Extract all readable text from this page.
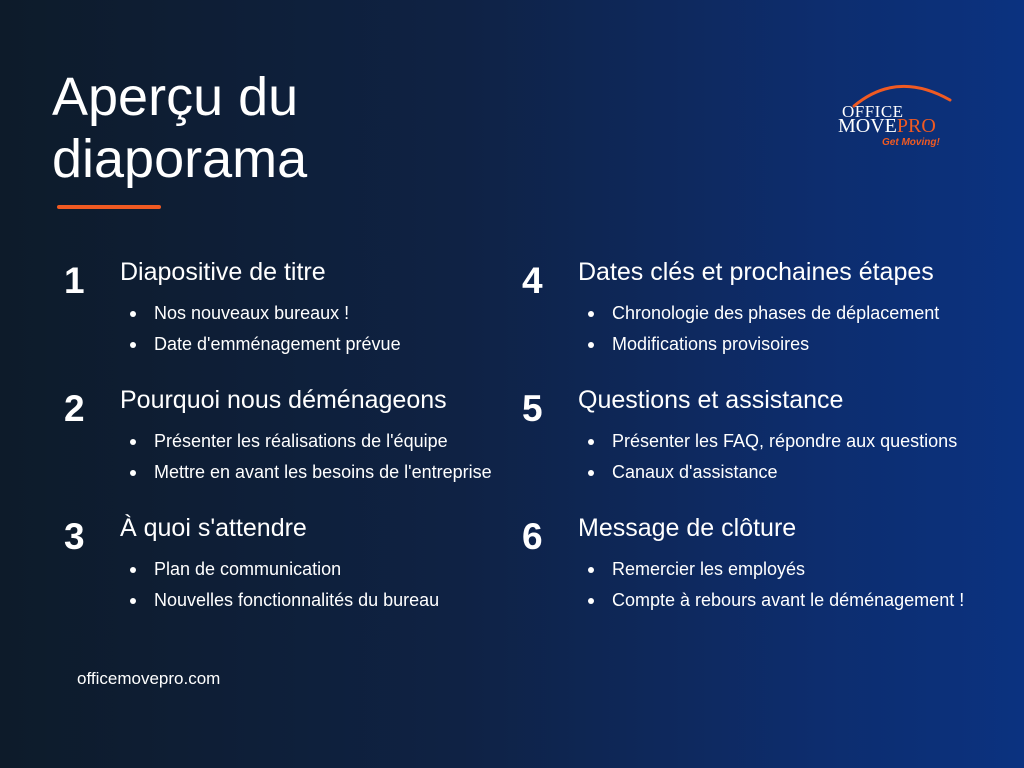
Aperçu du
diaporama
OFFICE
MOVEPRO
Get Moving!
1 Diapositive de titre
Nos nouveaux bureaux !
Date d'emménagement prévue
2 Pourquoi nous déménageons
Présenter les réalisations de l'équipe
Mettre en avant les besoins de l'entreprise
3 À quoi s'attendre
Plan de communication
Nouvelles fonctionnalités du bureau
4 Dates clés et prochaines étapes
Chronologie des phases de déplacement
Modifications provisoires
5 Questions et assistance
Présenter les FAQ, répondre aux questions
Canaux d'assistance
6 Message de clôture
Remercier les employés
Compte à rebours avant le déménagement !
officemovepro.com
